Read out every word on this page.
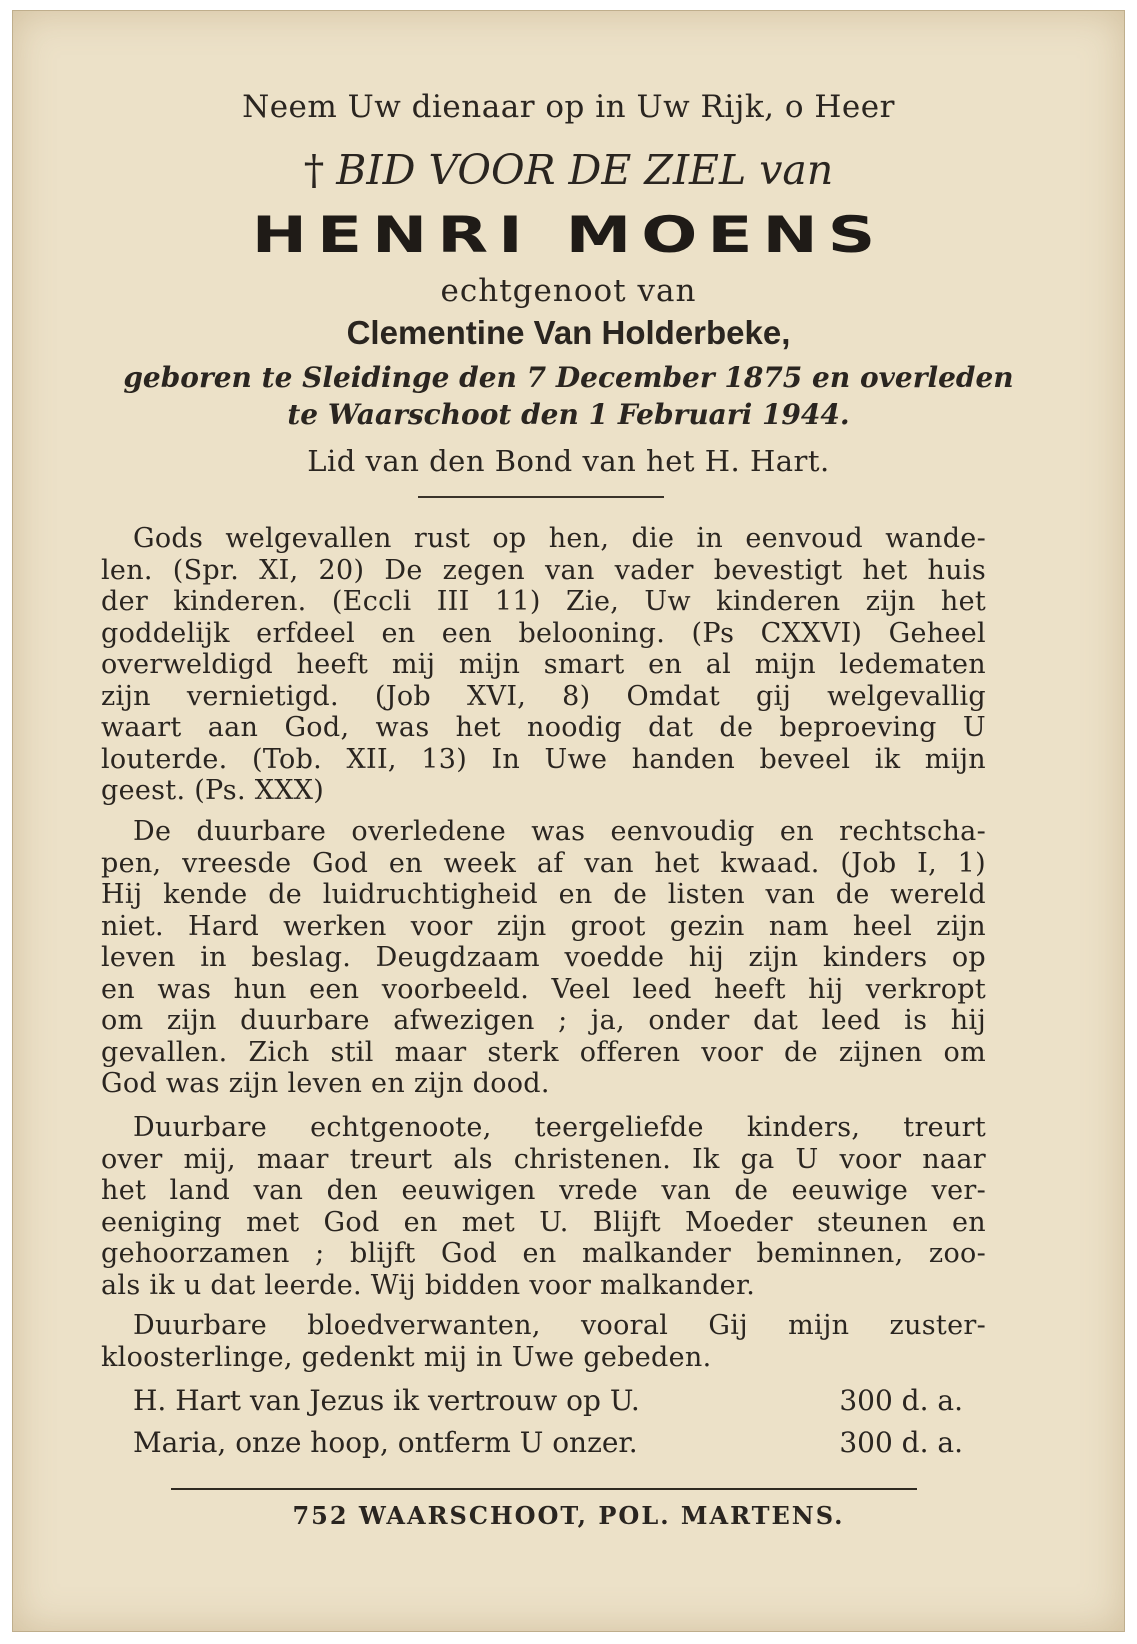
Neem Uw dienaar op in Uw Rijk, o Heer
† BID VOOR DE ZIEL van
HENRI MOENS
echtgenoot van
Clementine Van Holderbeke,
geboren te Sleidinge den 7 December 1875 en overleden
te Waarschoot den 1 Februari 1944.
Lid van den Bond van het H. Hart.
Gods welgevallen rust op hen, die in eenvoud wande-
len. (Spr. XI, 20) De zegen van vader bevestigt het huis
der kinderen. (Eccli III 11) Zie, Uw kinderen zijn het
goddelijk erfdeel en een belooning. (Ps CXXVI) Geheel
overweldigd heeft mij mijn smart en al mijn ledematen
zijn vernietigd. (Job XVI, 8) Omdat gij welgevallig
waart aan God, was het noodig dat de beproeving U
louterde. (Tob. XII, 13) In Uwe handen beveel ik mijn
geest. (Ps. XXX)
De duurbare overledene was eenvoudig en rechtscha-
pen, vreesde God en week af van het kwaad. (Job I, 1)
Hij kende de luidruchtigheid en de listen van de wereld
niet. Hard werken voor zijn groot gezin nam heel zijn
leven in beslag. Deugdzaam voedde hij zijn kinders op
en was hun een voorbeeld. Veel leed heeft hij verkropt
om zijn duurbare afwezigen ; ja, onder dat leed is hij
gevallen. Zich stil maar sterk offeren voor de zijnen om
God was zijn leven en zijn dood.
Duurbare echtgenoote, teergeliefde kinders, treurt
over mij, maar treurt als christenen. Ik ga U voor naar
het land van den eeuwigen vrede van de eeuwige ver-
eeniging met God en met U. Blijft Moeder steunen en
gehoorzamen ; blijft God en malkander beminnen, zoo-
als ik u dat leerde. Wij bidden voor malkander.
Duurbare bloedverwanten, vooral Gij mijn zuster-
kloosterlinge, gedenkt mij in Uwe gebeden.
H. Hart van Jezus ik vertrouw op U.	300 d. a.
Maria, onze hoop, ontferm U onzer.	300 d. a.
752 WAARSCHOOT, POL. MARTENS.
